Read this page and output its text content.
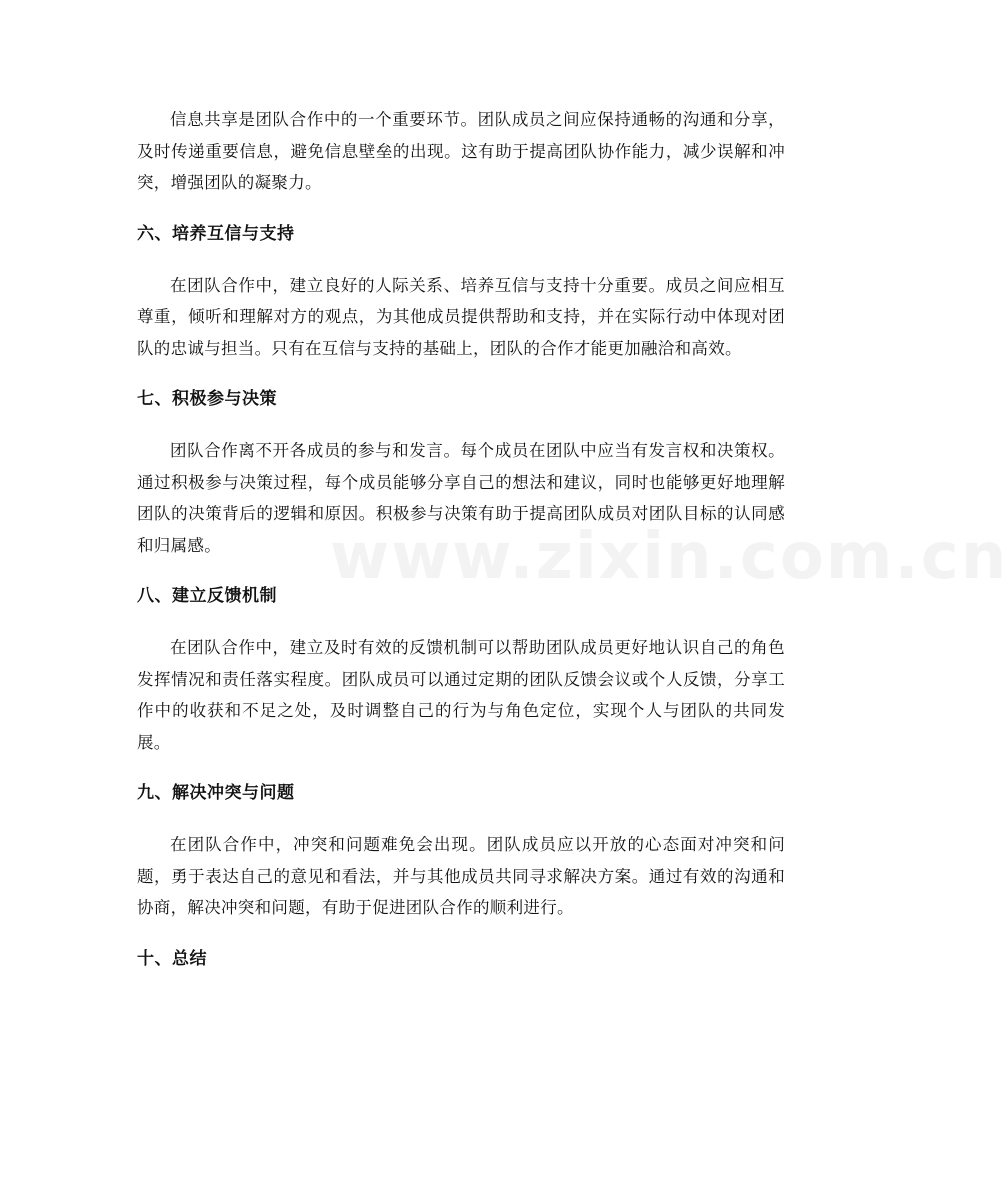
www.zixin.com.cn

信息共享是团队合作中的一个重要环节。团队成员之间应保持通畅的沟通和分享，及时传递重要信息，避免信息壁垒的出现。这有助于提高团队协作能力，减少误解和冲突，增强团队的凝聚力。

六、培养互信与支持

在团队合作中，建立良好的人际关系、培养互信与支持十分重要。成员之间应相互尊重，倾听和理解对方的观点，为其他成员提供帮助和支持，并在实际行动中体现对团队的忠诚与担当。只有在互信与支持的基础上，团队的合作才能更加融洽和高效。

七、积极参与决策

团队合作离不开各成员的参与和发言。每个成员在团队中应当有发言权和决策权。通过积极参与决策过程，每个成员能够分享自己的想法和建议，同时也能够更好地理解团队的决策背后的逻辑和原因。积极参与决策有助于提高团队成员对团队目标的认同感和归属感。

八、建立反馈机制

在团队合作中，建立及时有效的反馈机制可以帮助团队成员更好地认识自己的角色发挥情况和责任落实程度。团队成员可以通过定期的团队反馈会议或个人反馈，分享工作中的收获和不足之处，及时调整自己的行为与角色定位，实现个人与团队的共同发展。

九、解决冲突与问题

在团队合作中，冲突和问题难免会出现。团队成员应以开放的心态面对冲突和问题，勇于表达自己的意见和看法，并与其他成员共同寻求解决方案。通过有效的沟通和协商，解决冲突和问题，有助于促进团队合作的顺利进行。

十、总结
